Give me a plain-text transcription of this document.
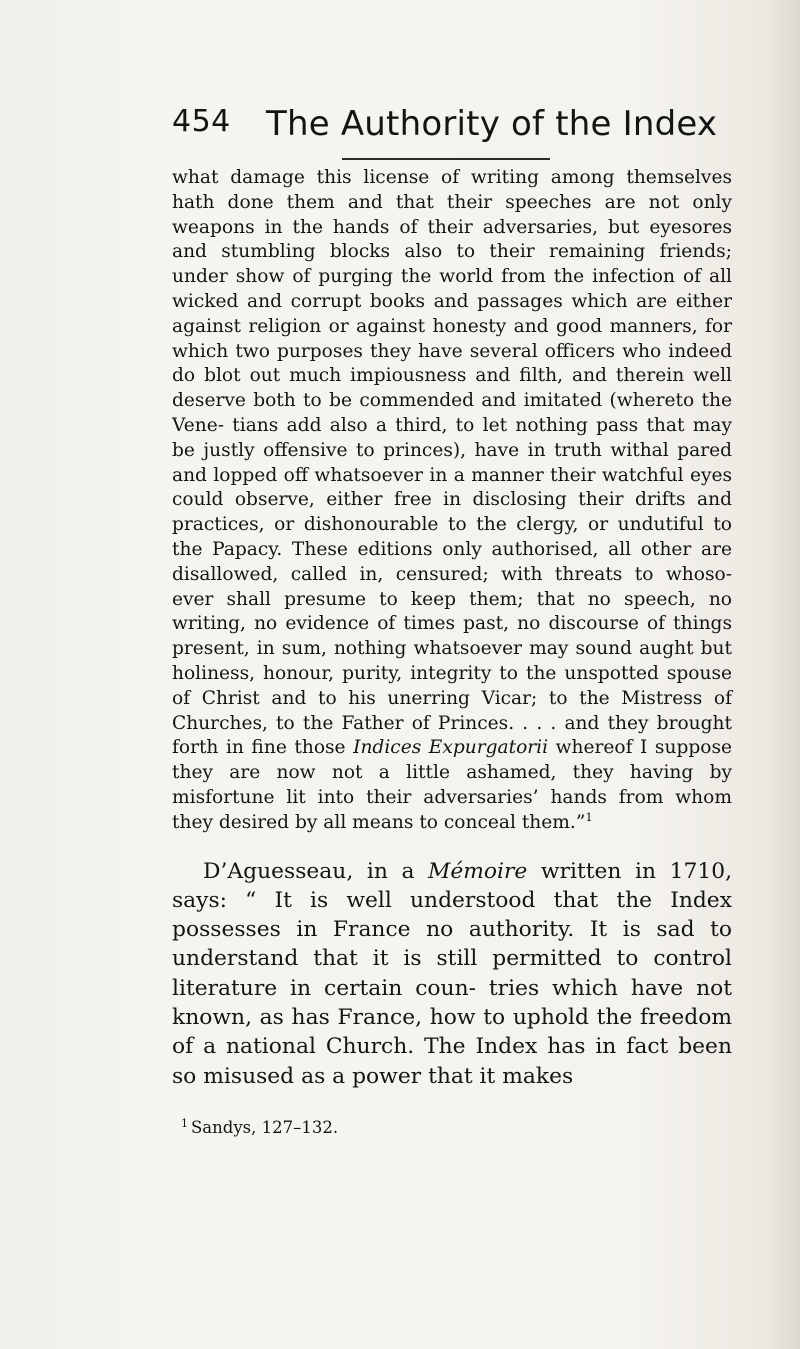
454 The Authority of the Index

what damage this license of writing among themselves hath done them and that their speeches are not only weapons in the hands of their adversaries, but eyesores and stumbling blocks also to their remaining friends; under show of purging the world from the infection of all wicked and corrupt books and passages which are either against religion or against honesty and good manners, for which two purposes they have several officers who indeed do blot out much impiousness and filth, and therein well deserve both to be commended and imitated (whereto the Vene- tians add also a third, to let nothing pass that may be justly offensive to princes), have in truth withal pared and lopped off whatsoever in a manner their watchful eyes could observe, either free in disclosing their drifts and practices, or dishonourable to the clergy, or undutiful to the Papacy. These editions only authorised, all other are disallowed, called in, censured; with threats to whoso- ever shall presume to keep them; that no speech, no writing, no evidence of times past, no discourse of things present, in sum, nothing whatsoever may sound aught but holiness, honour, purity, integrity to the unspotted spouse of Christ and to his unerring Vicar; to the Mistress of Churches, to the Father of Princes. . . . and they brought forth in fine those Indices Expurgatorii whereof I suppose they are now not a little ashamed, they having by misfortune lit into their adversaries’ hands from whom they desired by all means to conceal them.”$^1$

D’Aguesseau, in a Mémoire written in 1710, says: “ It is well understood that the Index possesses in France no authority. It is sad to understand that it is still permitted to control literature in certain coun- tries which have not known, as has France, how to uphold the freedom of a national Church. The Index has in fact been so misused as a power that it makes

$^1$ Sandys, 127–132.
